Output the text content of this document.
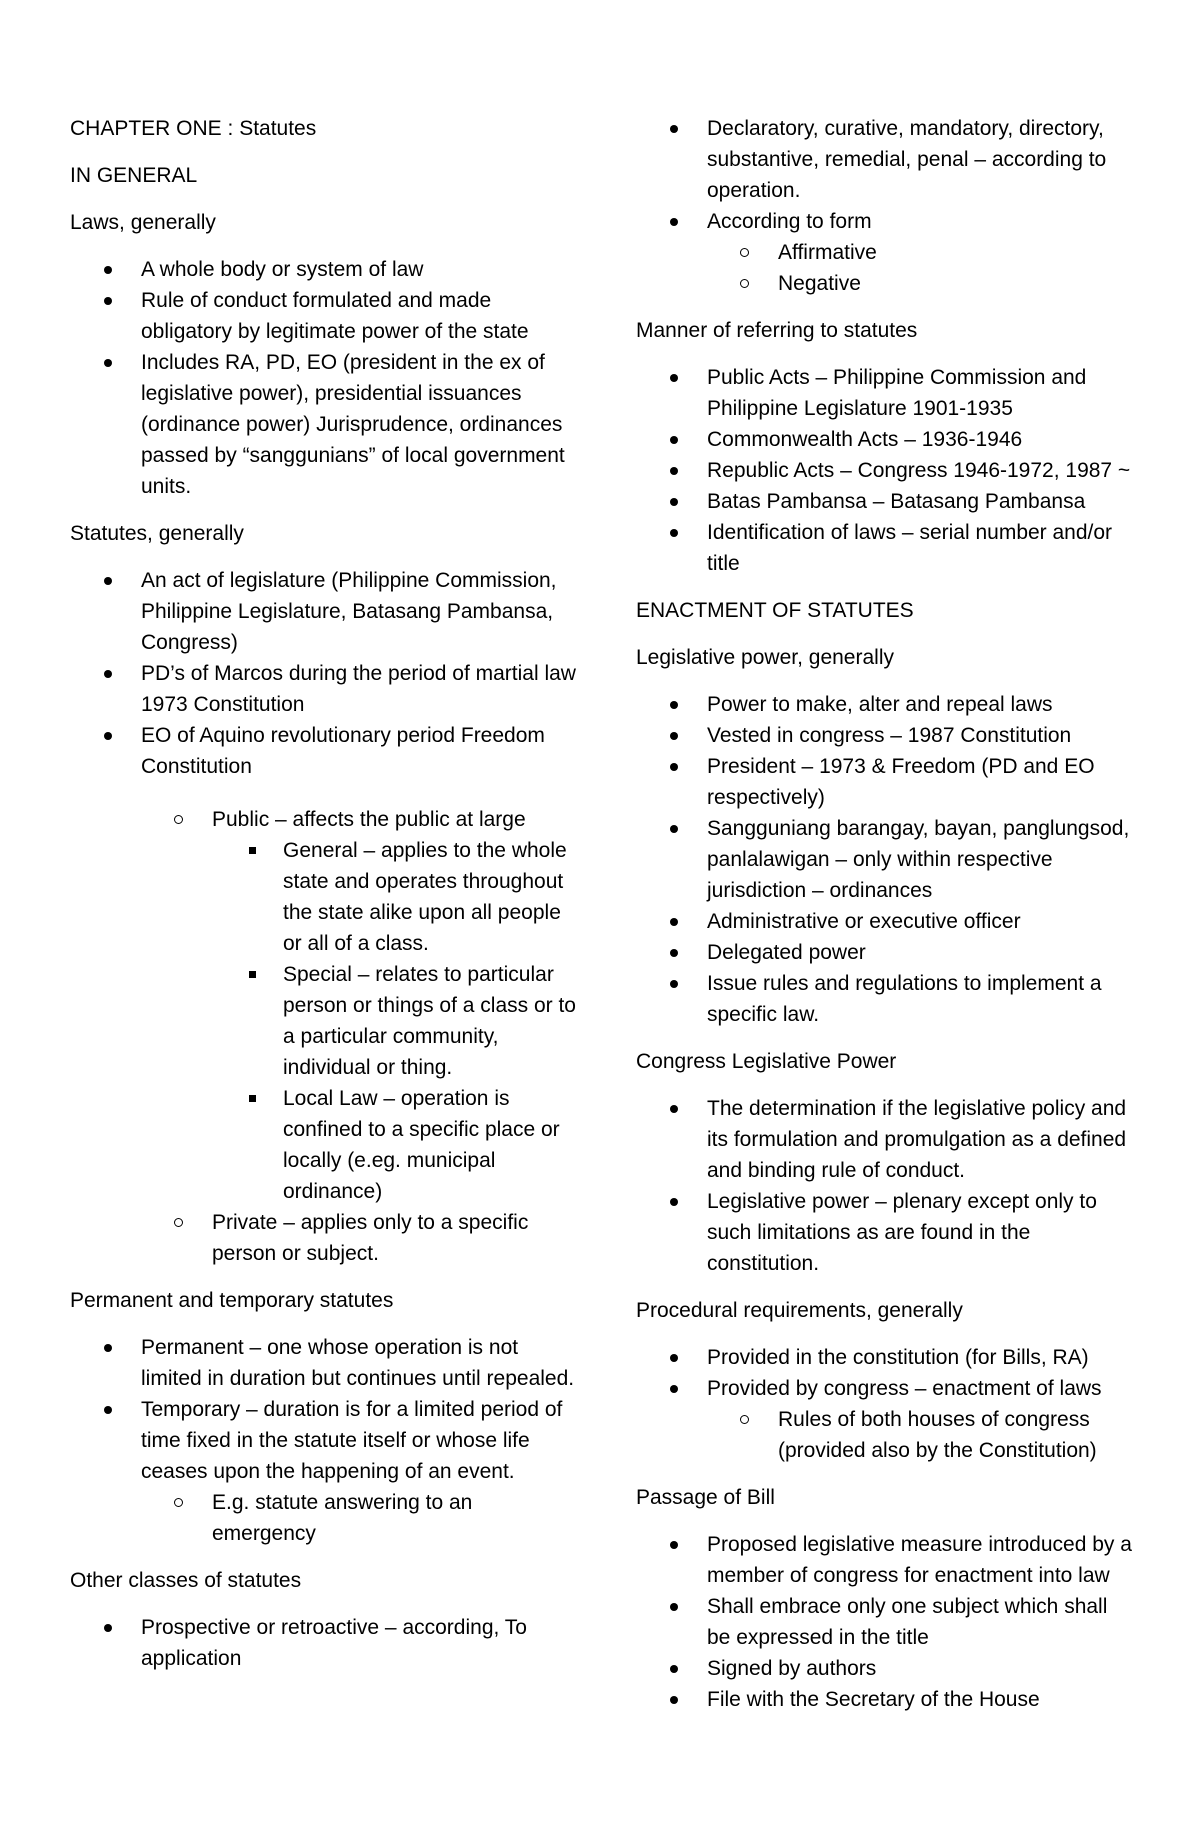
CHAPTER ONE : Statutes

IN GENERAL

Laws, generally

A whole body or system of law
Rule of conduct formulated and made obligatory by legitimate power of the state
Includes RA, PD, EO (president in the ex of legislative power), presidential issuances (ordinance power) Jurisprudence, ordinances passed by “sanggunians” of local government units.

Statutes, generally

An act of legislature (Philippine Commission, Philippine Legislature, Batasang Pambansa, Congress)
PD’s of Marcos during the period of martial law 1973 Constitution
EO of Aquino revolutionary period Freedom Constitution
Public – affects the public at large
General – applies to the whole state and operates throughout the state alike upon all people or all of a class.
Special – relates to particular person or things of a class or to a particular community, individual or thing.
Local Law – operation is confined to a specific place or locally (e.eg. municipal ordinance)
Private – applies only to a specific person or subject.

Permanent and temporary statutes

Permanent – one whose operation is not limited in duration but continues until repealed.
Temporary – duration is for a limited period of time fixed in the statute itself or whose life ceases upon the happening of an event.
E.g. statute answering to an emergency

Other classes of statutes

Prospective or retroactive – according, To application
Declaratory, curative, mandatory, directory, substantive, remedial, penal – according to operation.
According to form
Affirmative
Negative

Manner of referring to statutes

Public Acts – Philippine Commission and Philippine Legislature 1901-1935
Commonwealth Acts – 1936-1946
Republic Acts – Congress 1946-1972, 1987 ~
Batas Pambansa – Batasang Pambansa
Identification of laws – serial number and/or title

ENACTMENT OF STATUTES

Legislative power, generally

Power to make, alter and repeal laws
Vested in congress – 1987 Constitution
President – 1973 & Freedom (PD and EO respectively)
Sangguniang barangay, bayan, panglungsod, panlalawigan – only within respective jurisdiction – ordinances
Administrative or executive officer
Delegated power
Issue rules and regulations to implement a specific law.

Congress Legislative Power

The determination if the legislative policy and its formulation and promulgation as a defined and binding rule of conduct.
Legislative power – plenary except only to such limitations as are found in the constitution.

Procedural requirements, generally

Provided in the constitution (for Bills, RA)
Provided by congress – enactment of laws
Rules of both houses of congress (provided also by the Constitution)

Passage of Bill

Proposed legislative measure introduced by a member of congress for enactment into law
Shall embrace only one subject which shall be expressed in the title
Signed by authors
File with the Secretary of the House
